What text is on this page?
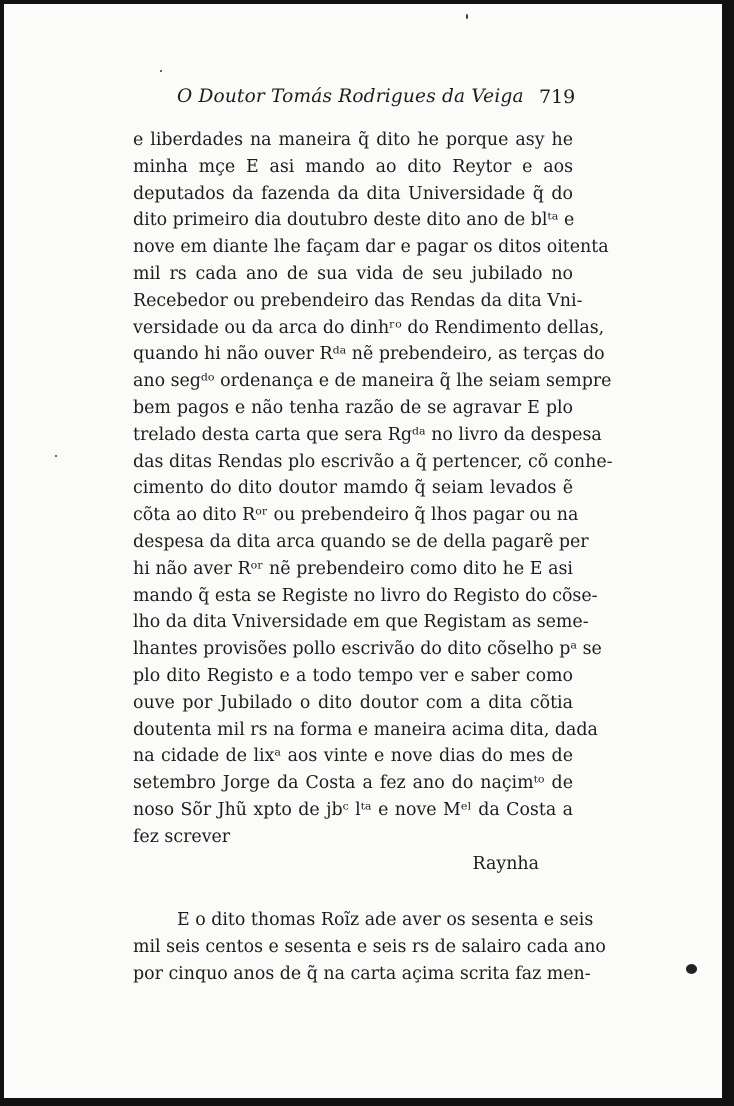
O Doutor Tomás Rodrigues da Veiga 719
e liberdades na maneira q̃ dito he porque asy he
minha mçe E asi mando ao dito Reytor e aos
deputados da fazenda da dita Universidade q̃ do
dito primeiro dia doutubro deste dito ano de blᵗᵃ e
nove em diante lhe façam dar e pagar os ditos oitenta
mil rs cada ano de sua vida de seu jubilado no
Recebedor ou prebendeiro das Rendas da dita Vni-
versidade ou da arca do dinhʳᵒ do Rendimento dellas,
quando hi não ouver Rᵈᵃ nẽ prebendeiro, as terças do
ano segᵈᵒ ordenança e de maneira q̃ lhe seiam sempre
bem pagos e não tenha razão de se agravar E plo
trelado desta carta que sera Rgᵈᵃ no livro da despesa
das ditas Rendas plo escrivão a q̃ pertencer, cõ conhe-
cimento do dito doutor mamdo q̃ seiam levados ẽ
cõta ao dito Rᵒʳ ou prebendeiro q̃ lhos pagar ou na
despesa da dita arca quando se de della pagarẽ per
hi não aver Rᵒʳ nẽ prebendeiro como dito he E asi
mando q̃ esta se Registe no livro do Registo do cõse-
lho da dita Vniversidade em que Registam as seme-
lhantes provisões pollo escrivão do dito cõselho pᵃ se
plo dito Registo e a todo tempo ver e saber como
ouve por Jubilado o dito doutor com a dita cõtia
doutenta mil rs na forma e maneira acima dita, dada
na cidade de lixᵃ aos vinte e nove dias do mes de
setembro Jorge da Costa a fez ano do naçimᵗᵒ de
noso Sõr Jhũ xpto de jbᶜ lᵗᵃ e nove Mᵉˡ da Costa a
fez screver
Raynha
E o dito thomas Roĩz ade aver os sesenta e seis
mil seis centos e sesenta e seis rs de salairo cada ano
por cinquo anos de q̃ na carta açima scrita faz men-
